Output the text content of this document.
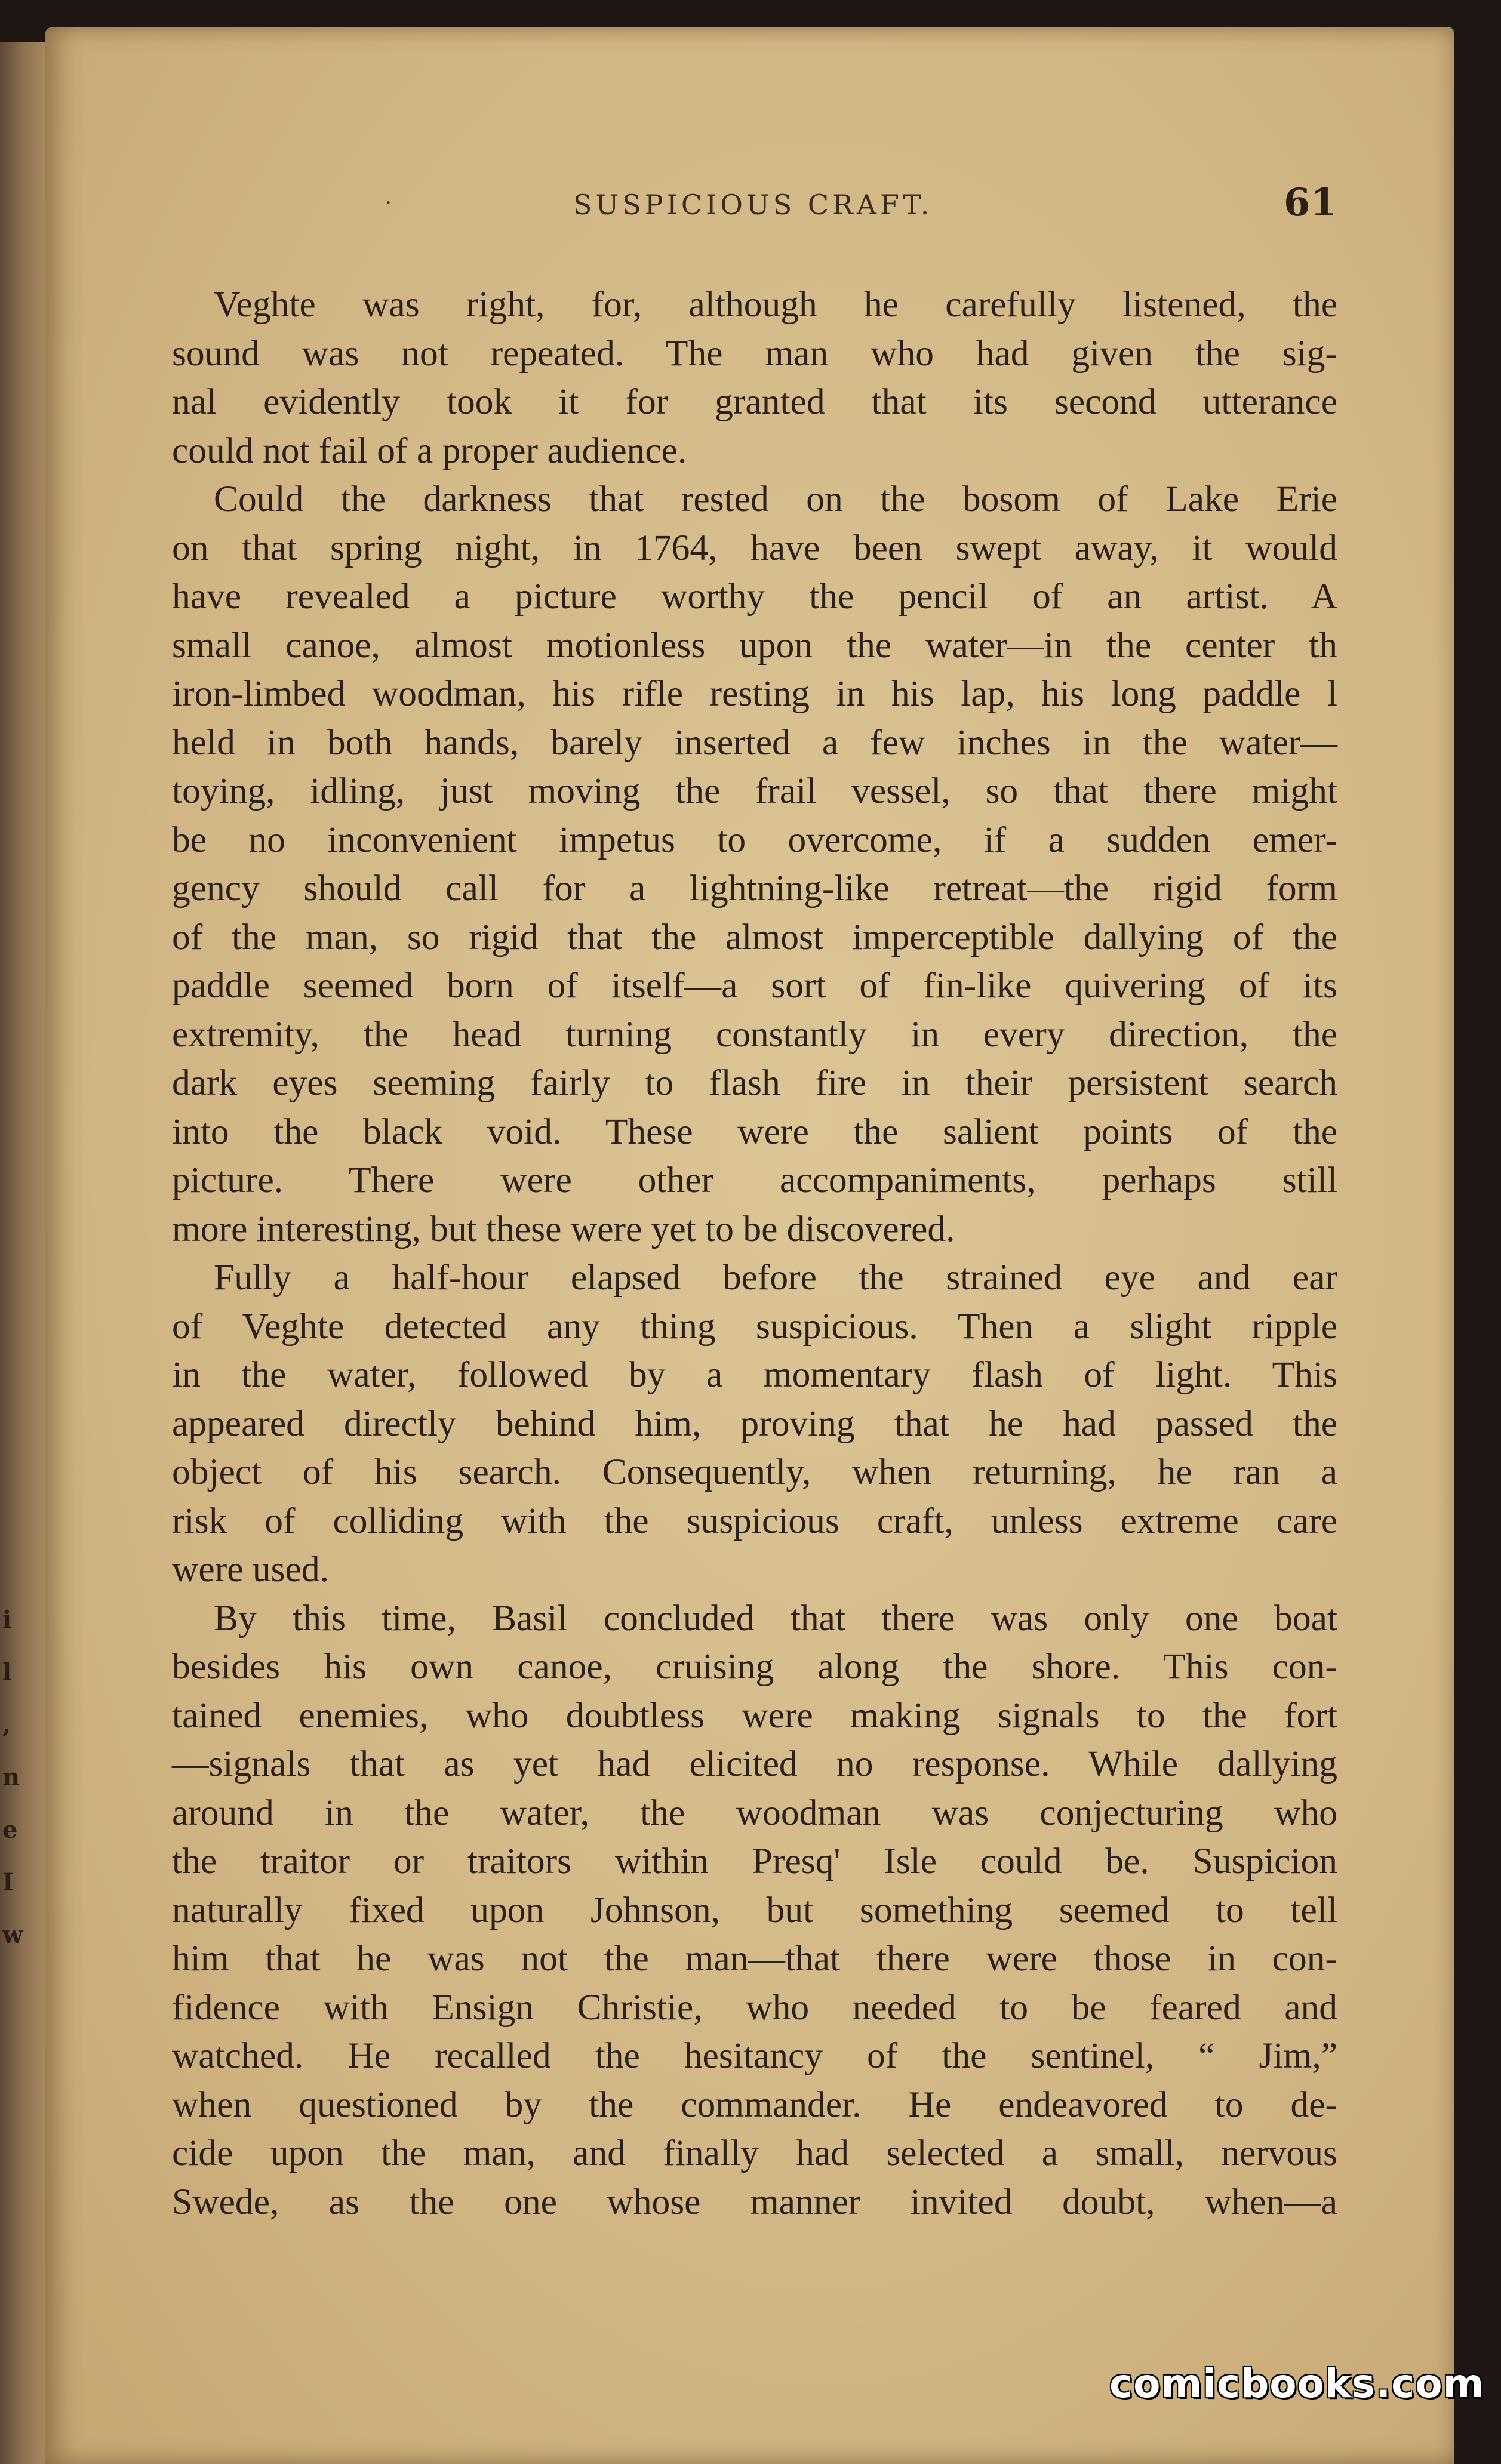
i
l
,
n
e
I
w
·	SUSPICIOUS CRAFT.	61
Veghte was right, for, although he carefully listened, the
sound was not repeated. The man who had given the sig-
nal evidently took it for granted that its second utterance
could not fail of a proper audience.
Could the darkness that rested on the bosom of Lake Erie
on that spring night, in 1764, have been swept away, it would
have revealed a picture worthy the pencil of an artist. A
small canoe, almost motionless upon the water—in the center th
iron-limbed woodman, his rifle resting in his lap, his long paddle l
held in both hands, barely inserted a few inches in the water—
toying, idling, just moving the frail vessel, so that there might
be no inconvenient impetus to overcome, if a sudden emer-
gency should call for a lightning-like retreat—the rigid form
of the man, so rigid that the almost imperceptible dallying of the
paddle seemed born of itself—a sort of fin-like quivering of its
extremity, the head turning constantly in every direction, the
dark eyes seeming fairly to flash fire in their persistent search
into the black void. These were the salient points of the
picture. There were other accompaniments, perhaps still
more interesting, but these were yet to be discovered.
Fully a half-hour elapsed before the strained eye and ear
of Veghte detected any thing suspicious. Then a slight ripple
in the water, followed by a momentary flash of light. This
appeared directly behind him, proving that he had passed the
object of his search. Consequently, when returning, he ran a
risk of colliding with the suspicious craft, unless extreme care
were used.
By this time, Basil concluded that there was only one boat
besides his own canoe, cruising along the shore. This con-
tained enemies, who doubtless were making signals to the fort
—signals that as yet had elicited no response. While dallying
around in the water, the woodman was conjecturing who
the traitor or traitors within Presq' Isle could be. Suspicion
naturally fixed upon Johnson, but something seemed to tell
him that he was not the man—that there were those in con-
fidence with Ensign Christie, who needed to be feared and
watched. He recalled the hesitancy of the sentinel, “ Jim,”
when questioned by the commander. He endeavored to de-
cide upon the man, and finally had selected a small, nervous
Swede, as the one whose manner invited doubt, when—a
comicbooks.com
